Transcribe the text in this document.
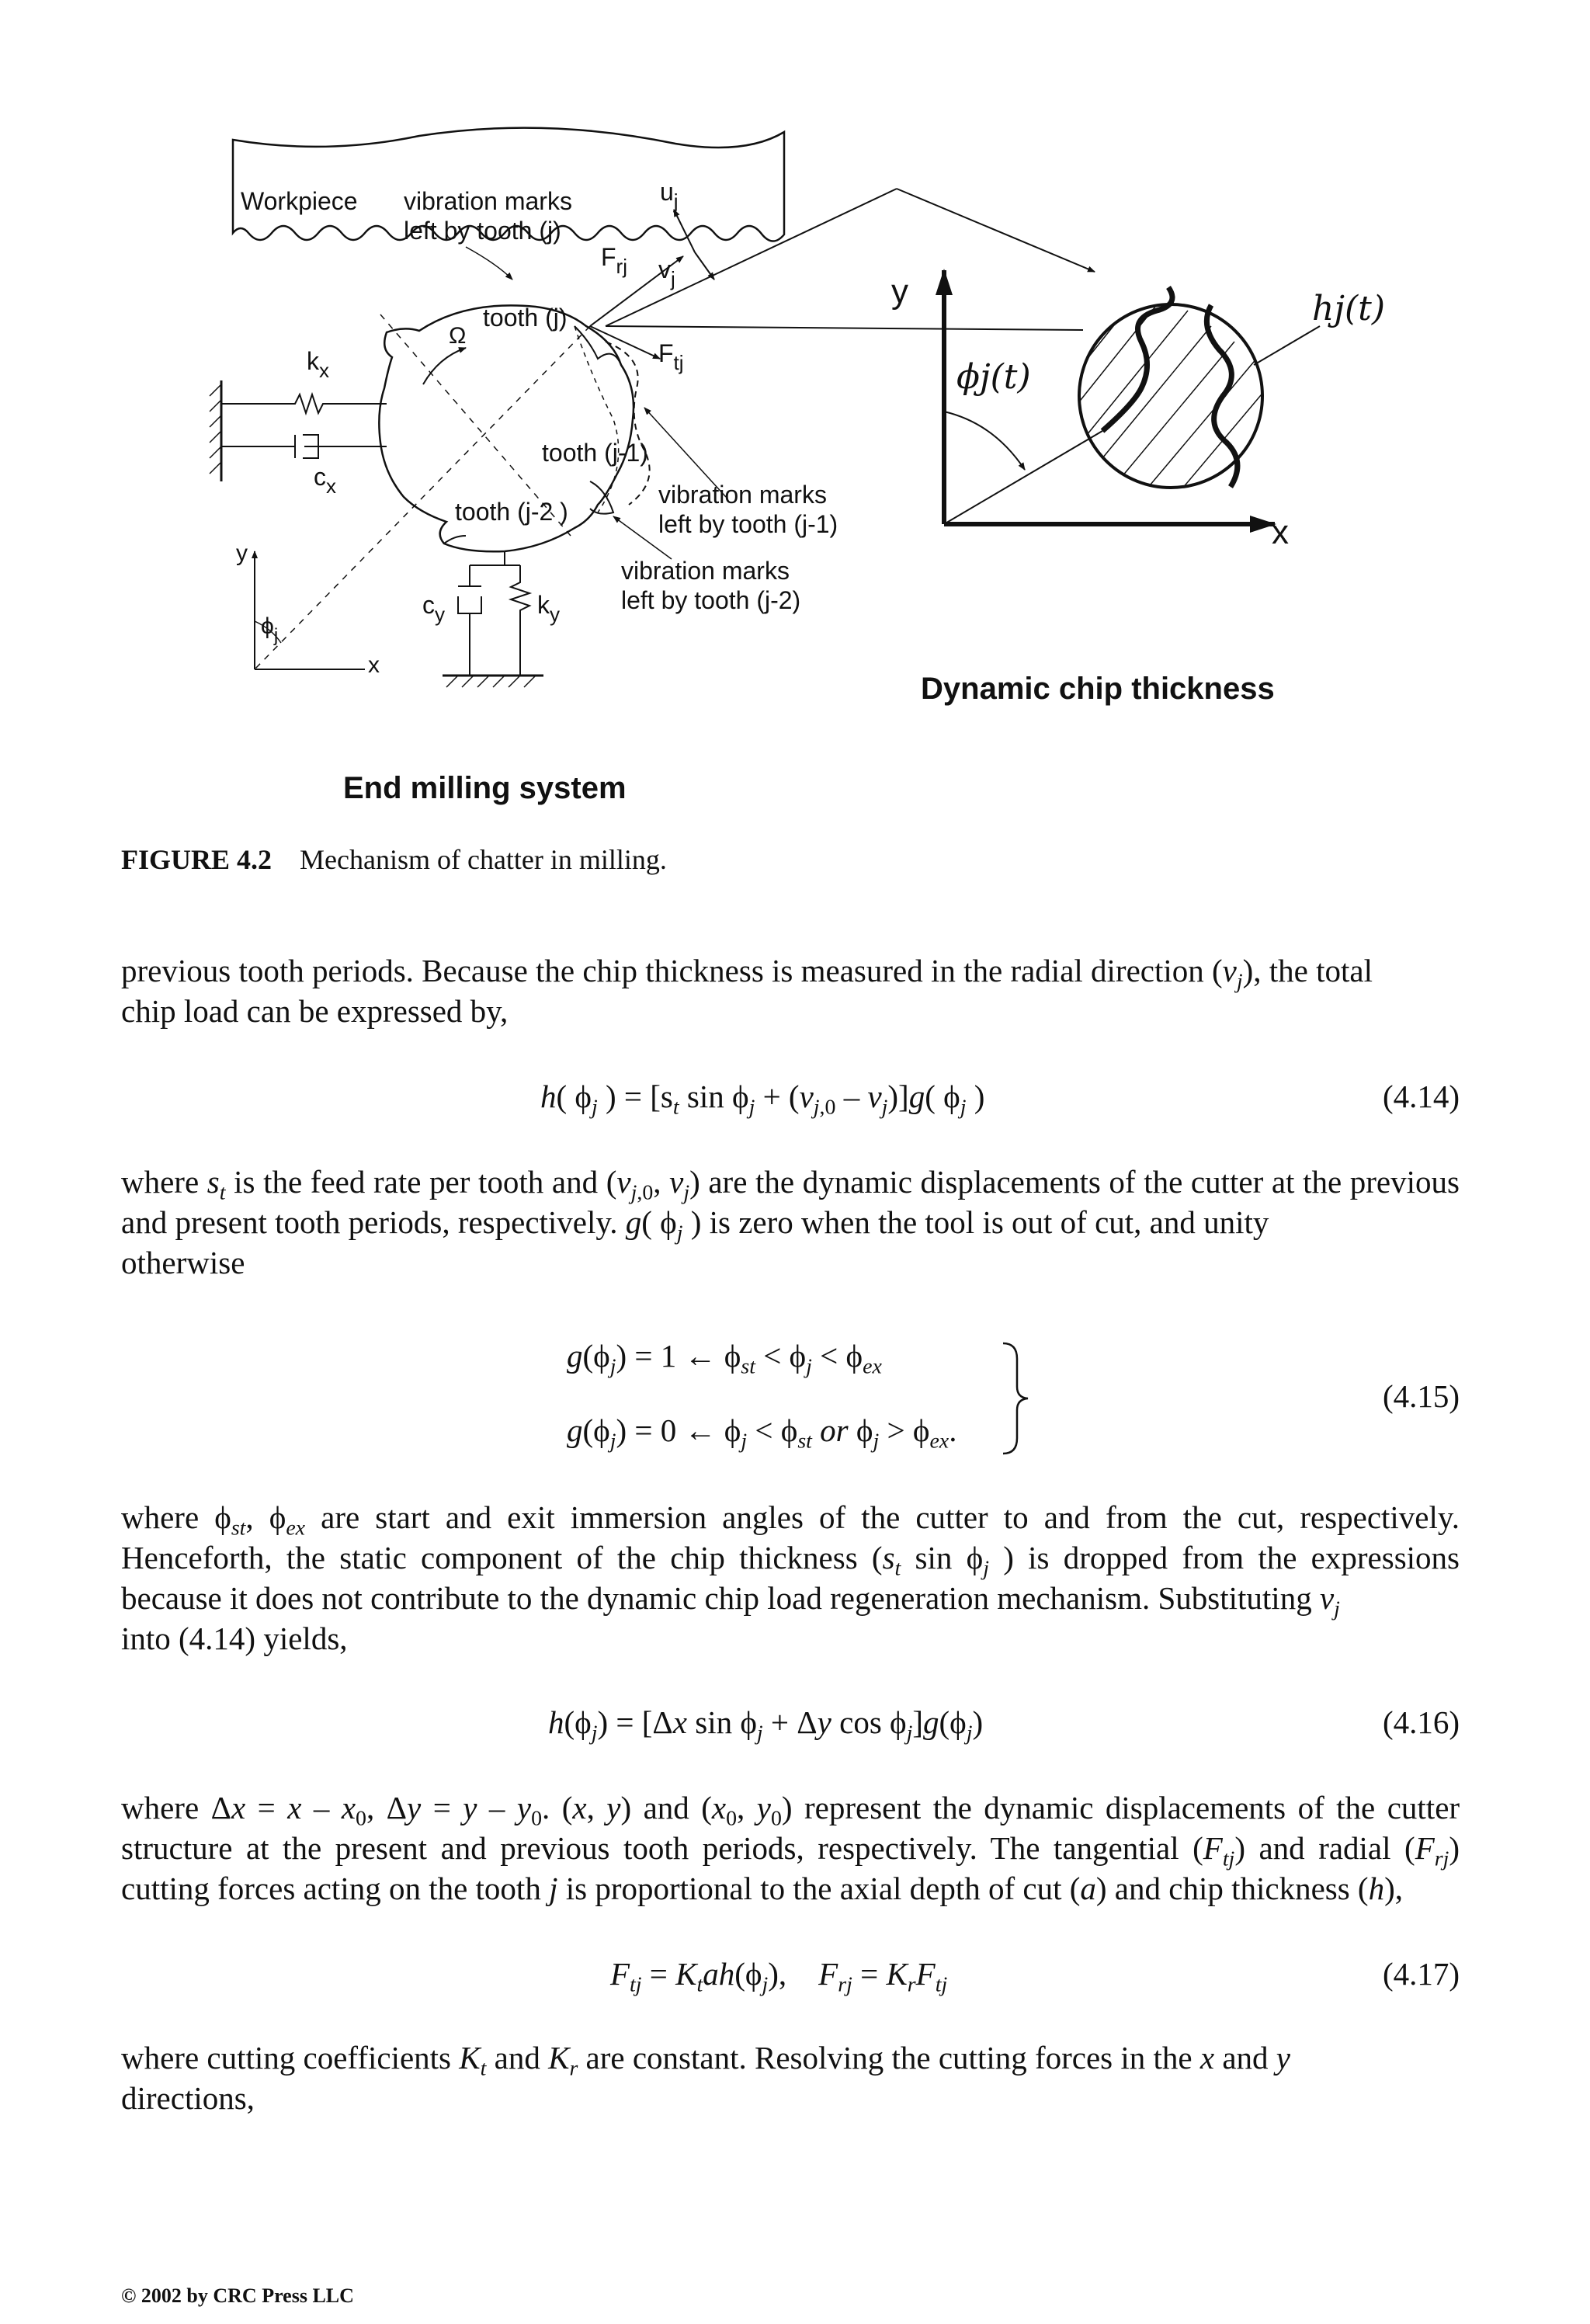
Workpiece vibration marks
left by tooth (j)
$u_j$
$v_j$
$F_{rj}$
$F_{tj}$
tooth (j)
Ω
$k_x$
$c_x$
tooth (j-1)
tooth (j-2 )
vibration marks
left by tooth (j-1)
vibration marks
left by tooth (j-2)
y
x
$\phi_j$
$c_y$	$k_y$
End milling system
y
x
ϕj(t)
hj(t)
Dynamic chip thickness
FIGURE 4.2 Mechanism of chatter in milling.
previous tooth periods. Because the chip thickness is measured in the radial direction $(v_j)$, the total
chip load can be expressed by,
h( $\phi_j$ ) = [$s_t$ $\sin \phi_j + (v_{j,0} - v_j)]g$( $\phi_j$ )	(4.14)
where $s_t$ is the feed rate per tooth and ($v_{j,0}$, $v_j$) are the dynamic displacements of the cutter at the previous and present tooth periods, respectively. g( $\phi_j$ ) is zero when the tool is out of cut, and unity
otherwise
$g(\phi_j) = 1$ ← $\phi_{st} < \phi_j < \phi_{ex}$
$g(\phi_j) = 0$ ← $\phi_j < \phi_{st}$ or $\phi_j > \phi_{ex}$.
(4.15)
where $\phi_{st}$, $\phi_{ex}$ are start and exit immersion angles of the cutter to and from the cut, respectively. Henceforth, the static component of the chip thickness ($s_t$ $\sin \phi_j$ ) is dropped from the expressions because it does not contribute to the dynamic chip load regeneration mechanism. Substituting $v_j$
into (4.14) yields,
$h(\phi_j) = [\Delta x$ $\sin \phi_j + \Delta y$ $\cos \phi_j]g(\phi_j)$	(4.16)
where $\Delta x = x - x_0$, $\Delta y = y - y_0$. (x, y) and ($x_0$, $y_0$) represent the dynamic displacements of the cutter structure at the present and previous tooth periods, respectively. The tangential $(F_{tj})$ and radial $(F_{rj})$ cutting forces acting on the tooth j is proportional to the axial depth of cut (a) and chip thickness (h),
$F_{tj} = K_tah(\phi_j)$,    $F_{rj} = K_rF_{tj}$	(4.17)
where cutting coefficients $K_t$ and $K_r$ are constant. Resolving the cutting forces in the x and y
directions,
© 2002 by CRC Press LLC
